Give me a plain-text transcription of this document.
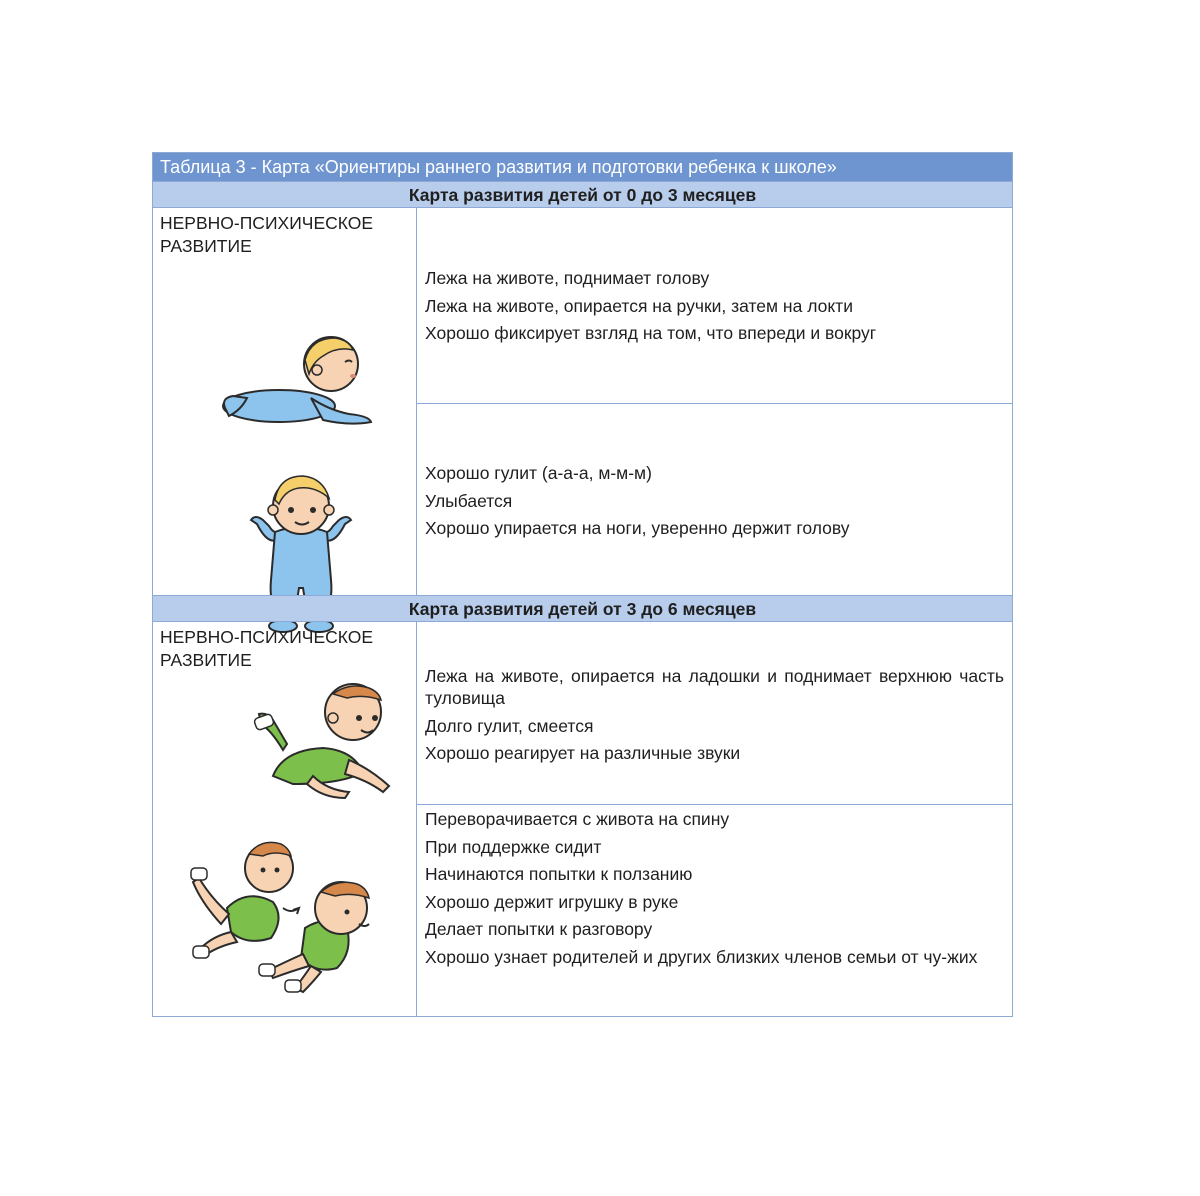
Таблица 3 - Карта «Ориентиры раннего развития и подготовки ребенка к школе»
Карта развития детей от 0 до 3 месяцев
НЕРВНО-ПСИХИЧЕСКОЕ
РАЗВИТИЕ
Лежа на животе, поднимает голову
Лежа на животе, опирается на ручки, затем на локти
Хорошо фиксирует взгляд на том, что впереди и вокруг
Хорошо гулит (а-а-а, м-м-м)
Улыбается
Хорошо упирается на ноги, уверенно держит голову
Карта развития детей от 3 до 6 месяцев
НЕРВНО-ПСИХИЧЕСКОЕ
РАЗВИТИЕ
Лежа на животе, опирается на ладошки и поднимает верхнюю часть туловища
Долго гулит, смеется
Хорошо реагирует на различные звуки
Переворачивается с живота на спину
При поддержке сидит
Начинаются попытки к ползанию
Хорошо держит игрушку в руке
Делает попытки к разговору
Хорошо узнает родителей и других близких членов семьи от чу-жих
